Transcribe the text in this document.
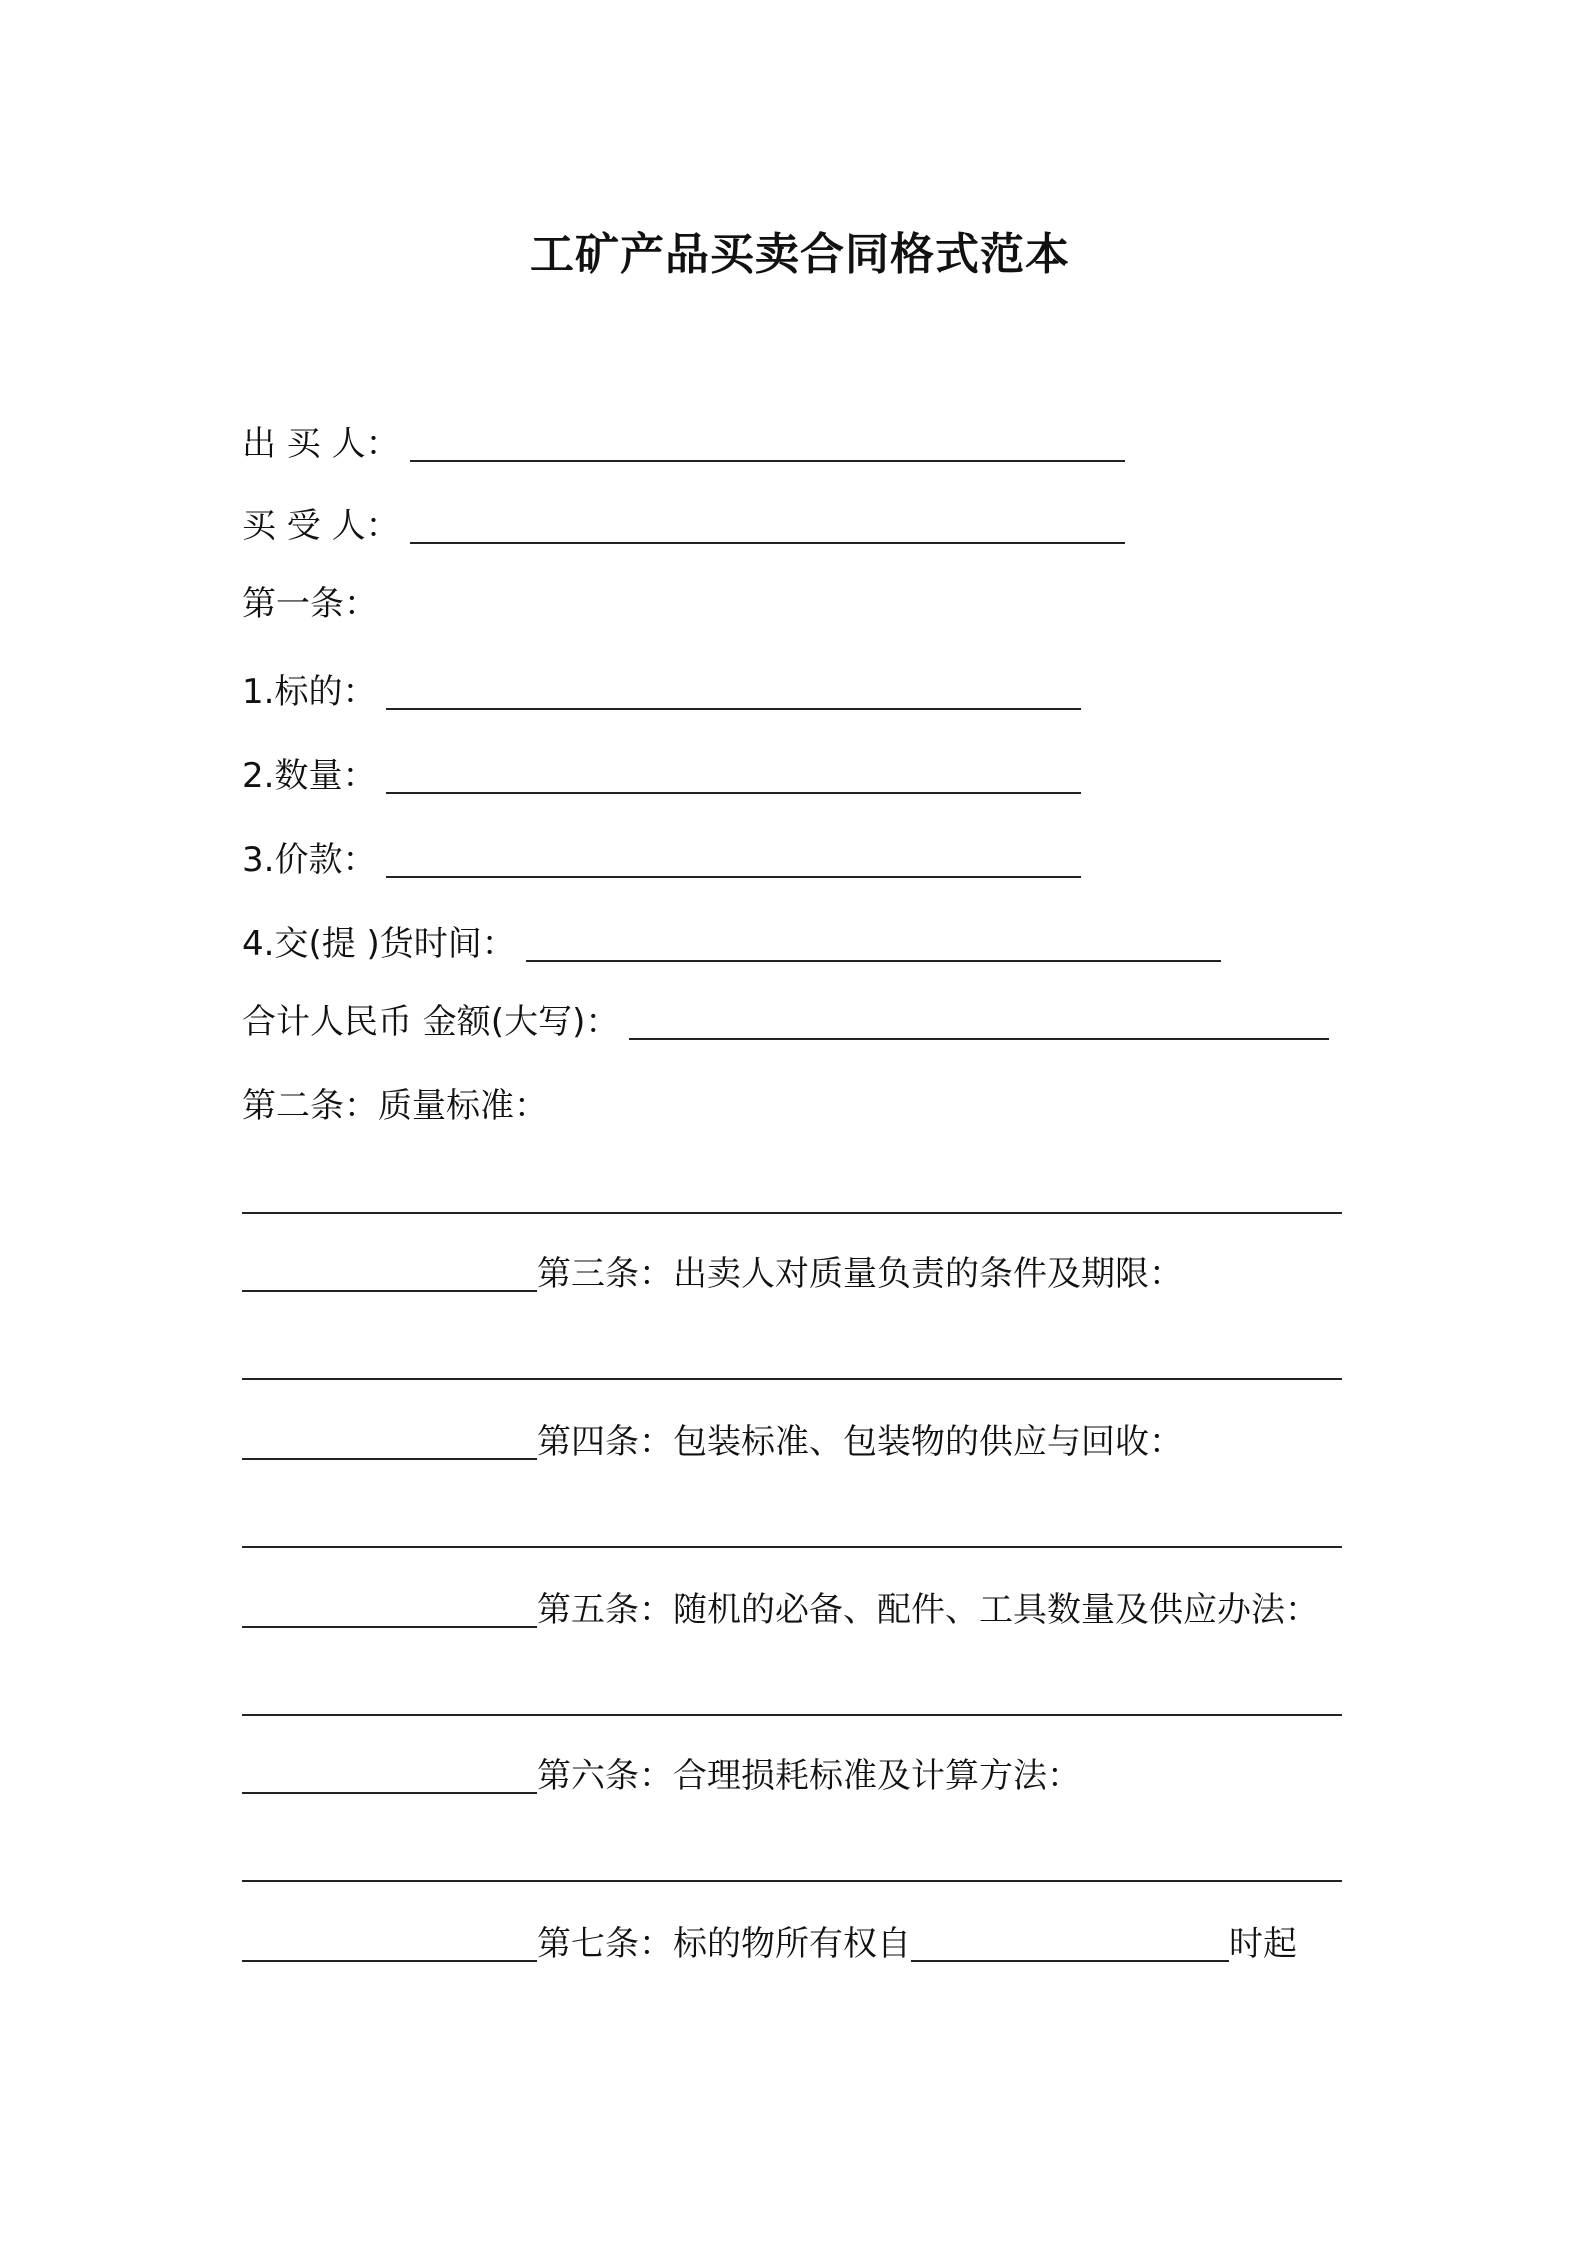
工矿产品买卖合同格式范本
出 买 人：
买 受 人：
第一条：
1.标的：
2.数量：
3.价款：
4.交(提 )货时间：
合计人民币 金额(大写)：
第二条：质量标准：
第三条：出卖人对质量负责的条件及期限：
第四条：包装标准、包装物的供应与回收：
第五条：随机的必备、配件、工具数量及供应办法：
第六条：合理损耗标准及计算方法：
第七条：标的物所有权自	时起
